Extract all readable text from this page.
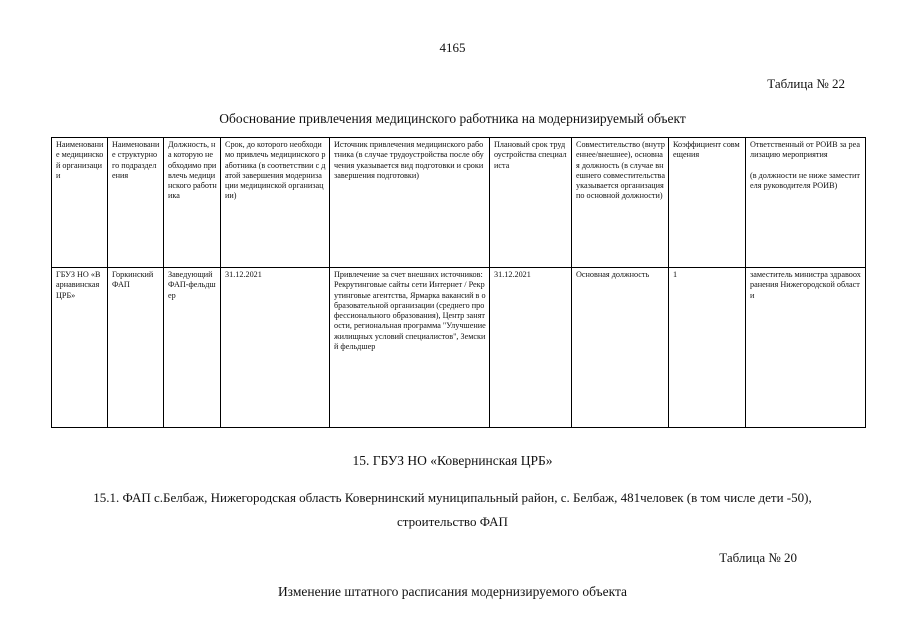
4165
Таблица № 22
Обоснование привлечения медицинского работника на модернизируемый объект
Наименование медицинской организации	Наименование структурного подразделения	Должность, на которую необходимо привлечь медицинского работника	Срок, до которого необходимо привлечь медицинского работника (в соответствии с датой завершения модернизации медицинской организации)	Источник привлечения медицинского работника (в случае трудоустройства после обучения указывается вид подготовки и сроки завершения подготовки)	Плановый срок трудоустройства специалиста	Совместительство (внутреннее/внешнее), основная должность (в случае внешнего совместительства указывается организация по основной должности)	Коэффициент совмещения	Ответственный от РОИВ за реализацию мероприятия

(в должности не ниже заместителя руководителя РОИВ)
ГБУЗ НО «Варнавинская ЦРБ»	Горкинский ФАП	Заведующий ФАП-фельдшер	31.12.2021	Привлечение за счет внешних источников: Рекрутинговые сайты сети Интернет / Рекрутинговые агентства, Ярмарка вакансий в образовательной организации (среднего профессионального образования), Центр занятости, региональная программа "Улучшение жилищных условий специалистов", Земский фельдшер	31.12.2021	Основная должность	1	заместитель министра здравоохранения Нижегородской области
15. ГБУЗ НО «Ковернинская ЦРБ»
15.1. ФАП с.Белбаж, Нижегородская область Ковернинский муниципальный район, с. Белбаж, 481человек (в том числе дети -50), строительство ФАП
Таблица № 20
Изменение штатного расписания модернизируемого объекта
